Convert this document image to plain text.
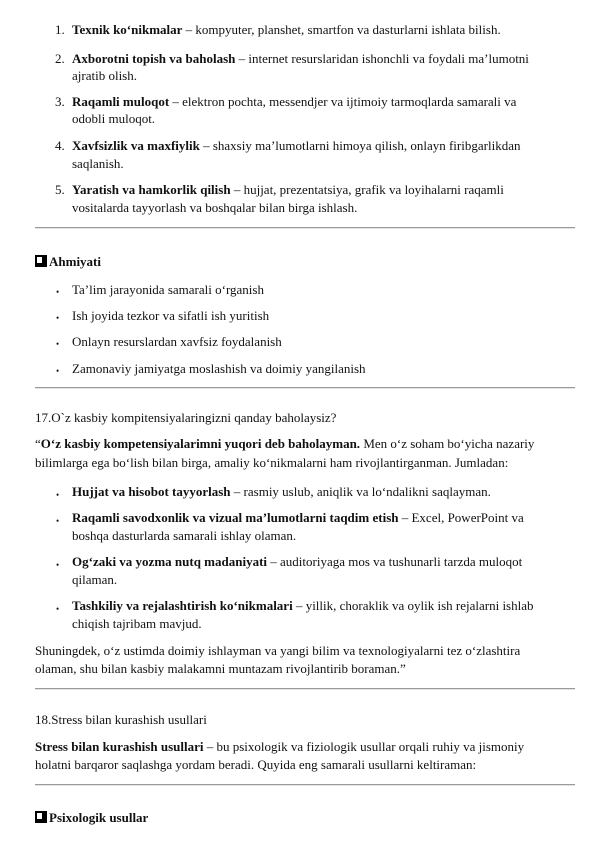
1. Texnik ko‘nikmalar – kompyuter, planshet, smartfon va dasturlarni ishlata bilish.
2. Axborotni topish va baholash – internet resurslaridan ishonchli va foydali ma’lumotni
ajratib olish.
3. Raqamli muloqot – elektron pochta, messendjer va ijtimoiy tarmoqlarda samarali va
odobli muloqot.
4. Xavfsizlik va maxfiylik – shaxsiy ma’lumotlarni himoya qilish, onlayn firibgarlikdan
saqlanish.
5. Yaratish va hamkorlik qilish – hujjat, prezentatsiya, grafik va loyihalarni raqamli
vositalarda tayyorlash va boshqalar bilan birga ishlash.
Ahmiyati
• Ta’lim jarayonida samarali o‘rganish
• Ish joyida tezkor va sifatli ish yuritish
• Onlayn resurslardan xavfsiz foydalanish
• Zamonaviy jamiyatga moslashish va doimiy yangilanish
17.O`z kasbiy kompitensiyalaringizni qanday baholaysiz?
“O‘z kasbiy kompetensiyalarimni yuqori deb baholayman. Men o‘z soham bo‘yicha nazariy
bilimlarga ega bo‘lish bilan birga, amaliy ko‘nikmalarni ham rivojlantirganman. Jumladan:
• Hujjat va hisobot tayyorlash – rasmiy uslub, aniqlik va lo‘ndalikni saqlayman.
• Raqamli savodxonlik va vizual ma’lumotlarni taqdim etish – Excel, PowerPoint va
boshqa dasturlarda samarali ishlay olaman.
• Og‘zaki va yozma nutq madaniyati – auditoriyaga mos va tushunarli tarzda muloqot
qilaman.
• Tashkiliy va rejalashtirish ko‘nikmalari – yillik, choraklik va oylik ish rejalarni ishlab
chiqish tajribam mavjud.
Shuningdek, o‘z ustimda doimiy ishlayman va yangi bilim va texnologiyalarni tez o‘zlashtira
olaman, shu bilan kasbiy malakamni muntazam rivojlantirib boraman.”
18.Stress bilan kurashish usullari
Stress bilan kurashish usullari – bu psixologik va fiziologik usullar orqali ruhiy va jismoniy
holatni barqaror saqlashga yordam beradi. Quyida eng samarali usullarni keltiraman:
Psixologik usullar
